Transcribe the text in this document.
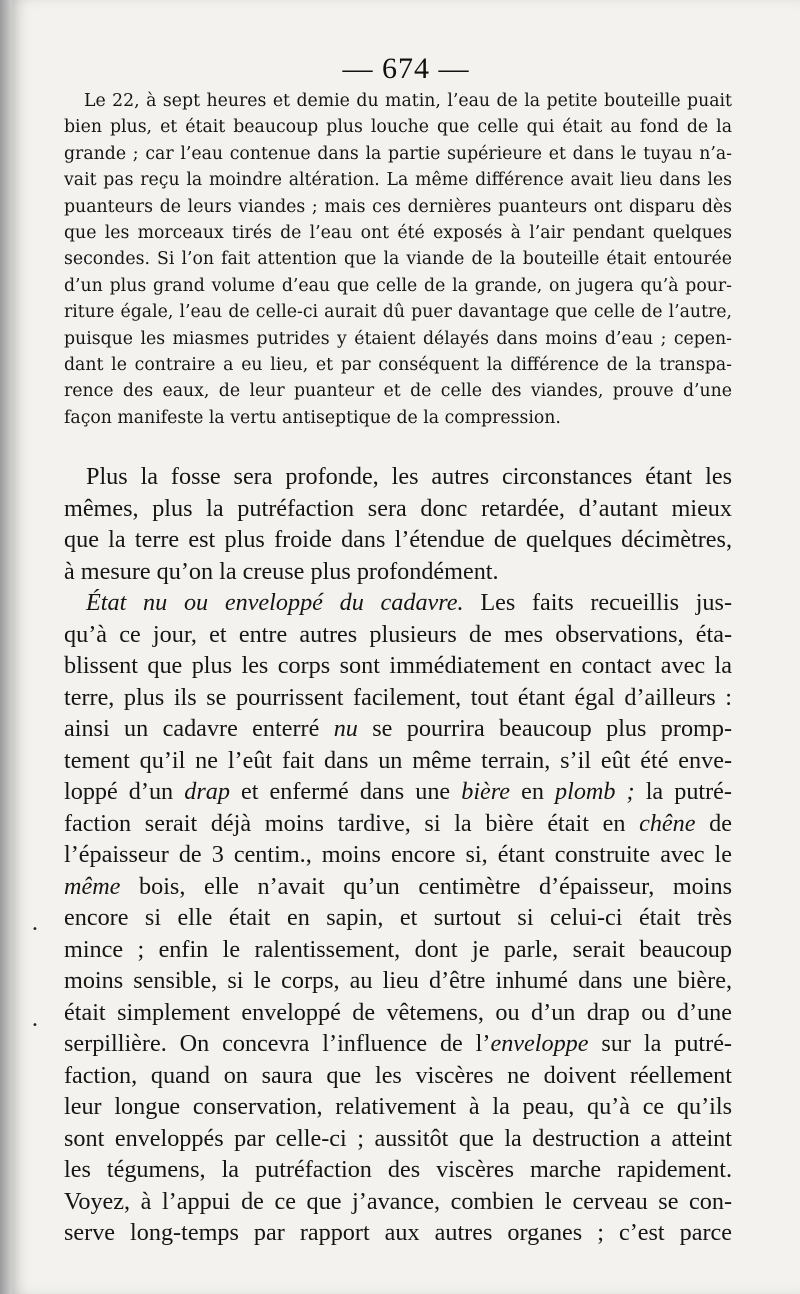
— 674 —
Le 22, à sept heures et demie du matin, l’eau de la petite bouteille puait
bien plus, et était beaucoup plus louche que celle qui était au fond de la
grande ; car l’eau contenue dans la partie supérieure et dans le tuyau n’a-
vait pas reçu la moindre altération. La même différence avait lieu dans les
puanteurs de leurs viandes ; mais ces dernières puanteurs ont disparu dès
que les morceaux tirés de l’eau ont été exposés à l’air pendant quelques
secondes. Si l’on fait attention que la viande de la bouteille était entourée
d’un plus grand volume d’eau que celle de la grande, on jugera qu’à pour-
riture égale, l’eau de celle-ci aurait dû puer davantage que celle de l’autre,
puisque les miasmes putrides y étaient délayés dans moins d’eau ; cepen-
dant le contraire a eu lieu, et par conséquent la différence de la transpa-
rence des eaux, de leur puanteur et de celle des viandes, prouve d’une
façon manifeste la vertu antiseptique de la compression.
Plus la fosse sera profonde, les autres circonstances étant les
mêmes, plus la putréfaction sera donc retardée, d’autant mieux
que la terre est plus froide dans l’étendue de quelques décimètres,
à mesure qu’on la creuse plus profondément.
État nu ou enveloppé du cadavre. Les faits recueillis jus-
qu’à ce jour, et entre autres plusieurs de mes observations, éta-
blissent que plus les corps sont immédiatement en contact avec la
terre, plus ils se pourrissent facilement, tout étant égal d’ailleurs :
ainsi un cadavre enterré nu se pourrira beaucoup plus promp-
tement qu’il ne l’eût fait dans un même terrain, s’il eût été enve-
loppé d’un drap et enfermé dans une bière en plomb ; la putré-
faction serait déjà moins tardive, si la bière était en chêne de
l’épaisseur de 3 centim., moins encore si, étant construite avec le
même bois, elle n’avait qu’un centimètre d’épaisseur, moins
encore si elle était en sapin, et surtout si celui-ci était très
mince ; enfin le ralentissement, dont je parle, serait beaucoup
moins sensible, si le corps, au lieu d’être inhumé dans une bière,
était simplement enveloppé de vêtemens, ou d’un drap ou d’une
serpillière. On concevra l’influence de l’enveloppe sur la putré-
faction, quand on saura que les viscères ne doivent réellement
leur longue conservation, relativement à la peau, qu’à ce qu’ils
sont enveloppés par celle-ci ; aussitôt que la destruction a atteint
les tégumens, la putréfaction des viscères marche rapidement.
Voyez, à l’appui de ce que j’avance, combien le cerveau se con-
serve long-temps par rapport aux autres organes ; c’est parce
•
•
